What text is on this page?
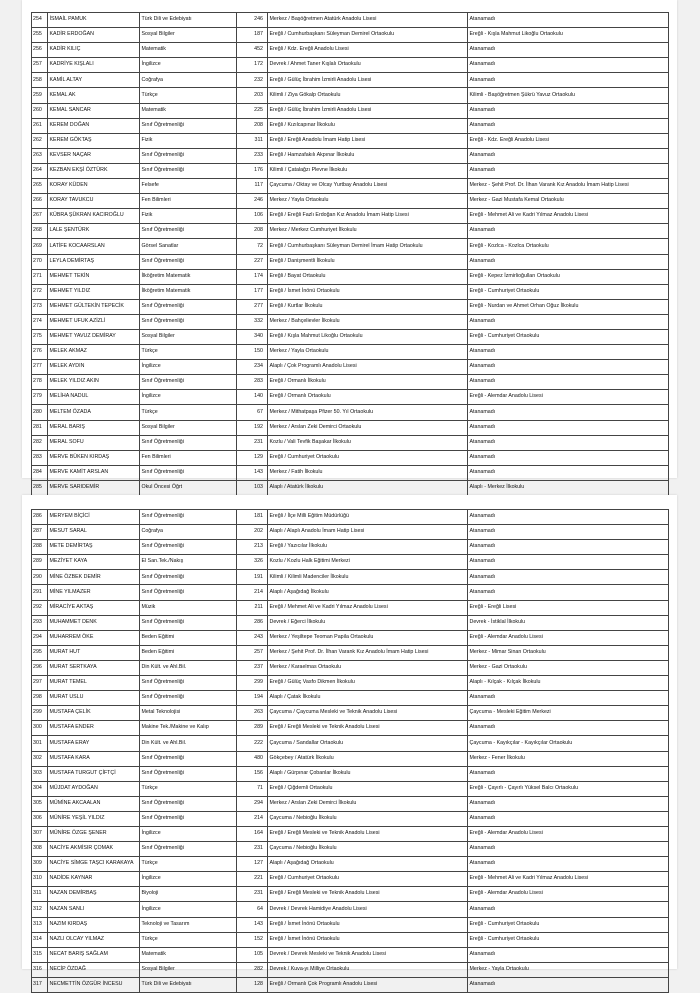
254	İSMAİL PAMUK	Türk Dili ve Edebiyatı	246	Merkez / Başöğretmen Atatürk Anadolu Lisesi	Atanamadı
255	KADİR ERDOĞAN	Sosyal Bilgiler	187	Ereğli / Cumhurbaşkanı Süleyman Demirel Ortaokulu	Ereğli - Kışla Mahmut Likoğlu Ortaokulu
256	KADİR KILIÇ	Matematik	452	Ereğli / Kdz. Ereğli Anadolu Lisesi	Atanamadı
257	KADRİYE KIŞLALI	İngilizce	172	Devrek / Ahmet Taner Kışlalı Ortaokulu	Atanamadı
258	KAMİL ALTAY	Coğrafya	232	Ereğli / Gülüç İbrahim İzmirli Anadolu Lisesi	Atanamadı
259	KEMAL AK	Türkçe	203	Kilimli / Ziya Gökalp Ortaokulu	Kilimli - Başöğretmen Şükrü Yavuz Ortaokulu
260	KEMAL SANCAR	Matematik	225	Ereğli / Gülüç İbrahim İzmirli Anadolu Lisesi	Atanamadı
261	KEREM DOĞAN	Sınıf Öğretmenliği	208	Ereğli / Kızılcapınar İlkokulu	Atanamadı
262	KEREM GÖKTAŞ	Fizik	311	Ereğli / Ereğli Anadolu İmam Hatip Lisesi	Ereğli - Kdz. Ereğli Anadolu Lisesi
263	KEVSER NAÇAR	Sınıf Öğretmenliği	233	Ereğli / Hamzafakılı Akpınar İlkokulu	Atanamadı
264	KEZBAN EKŞİ ÖZTÜRK	Sınıf Öğretmenliği	176	Kilimli / Çatalağzı Plevne İlkokulu	Atanamadı
265	KORAY KÜDEN	Felsefe	117	Çaycuma / Oktay ve Olcay Yurtbay Anadolu Lisesi	Merkez - Şehit Prof. Dr. İlhan Varank Kız Anadolu İmam Hatip Lisesi
266	KORAY TAVUKCU	Fen Bilimleri	246	Merkez / Yayla Ortaokulu	Merkez - Gazi Mustafa Kemal Ortaokulu
267	KÜBRA ŞÜKRAN KACIROĞLU	Fizik	106	Ereğli / Ereğli Fazlı Erdoğan Kız Anadolu İmam Hatip Lisesi	Ereğli - Mehmet Ali ve Kadri Yılmaz Anadolu Lisesi
268	LALE ŞENTÜRK	Sınıf Öğretmenliği	208	Merkez / Merkez Cumhuriyet İlkokulu	Atanamadı
269	LATİFE KOCAARSLAN	Görsel Sanatlar	72	Ereğli / Cumhurbaşkanı Süleyman Demirel İmam Hatip Ortaokulu	Ereğli - Kozlca - Kozlca Ortaokulu
270	LEYLA DEMİRTAŞ	Sınıf Öğretmenliği	227	Ereğli / Danişmentli İlkokulu	Atanamadı
271	MEHMET TEKİN	İlköğretim Matematik	174	Ereğli / Bayat Ortaokulu	Ereğli - Kepez İzmirlioğulları Ortaokulu
272	MEHMET YILDIZ	İlköğretim Matematik	177	Ereğli / İsmet İnönü Ortaokulu	Ereğli - Cumhuriyet Ortaokulu
273	MEHMET GÜLTEKİN TEPECİK	Sınıf Öğretmenliği	277	Ereğli / Kurtlar İlkokulu	Ereğli - Nurdan ve Ahmet Orhan Oğuz İlkokulu
274	MEHMET UFUK AZİZLİ	Sınıf Öğretmenliği	332	Merkez / Bahçelievler İlkokulu	Atanamadı
275	MEHMET YAVUZ DEMİRAY	Sosyal Bilgiler	340	Ereğli / Kışla Mahmut Likoğlu Ortaokulu	Ereğli - Cumhuriyet Ortaokulu
276	MELEK AKMAZ	Türkçe	150	Merkez / Yayla Ortaokulu	Atanamadı
277	MELEK AYDIN	İngilizce	234	Alaplı / Çok Programlı Anadolu Lisesi	Atanamadı
278	MELEK YILDIZ AKIN	Sınıf Öğretmenliği	283	Ereğli / Ormanlı İlkokulu	Atanamadı
279	MELİHA NADUL	İngilizce	140	Ereğli / Ormanlı Ortaokulu	Ereğli - Alemdar Anadolu Lisesi
280	MELTEM ÖZADA	Türkçe	67	Merkez / Mithatpaşa Pfizer 50. Yıl Ortaokulu	Atanamadı
281	MERAL BARIŞ	Sosyal Bilgiler	192	Merkez / Arslan Zeki Demirci Ortaokulu	Atanamadı
282	MERAL SOFU	Sınıf Öğretmenliği	231	Kozlu / Vali Tevfik Başakar İlkokulu	Atanamadı
283	MERVE BÜKEN KIRDAŞ	Fen Bilimleri	129	Ereğli / Cumhuriyet Ortaokulu	Atanamadı
284	MERVE KAMİT ARSLAN	Sınıf Öğretmenliği	143	Merkez / Fatih İlkokulu	Atanamadı
285	MERVE SARIDEMİR	Okul Öncesi Öğrt	103	Alaplı / Atatürk İlkokulu	Alaplı - Merkez İlkokulu
286	MERYEM BİÇİCİ	Sınıf Öğretmenliği	181	Ereğli / İlçe Milli Eğitim Müdürlüğü	Atanamadı
287	MESUT SARAL	Coğrafya	202	Alaplı / Alaplı Anadolu İmam Hatip Lisesi	Atanamadı
288	METE DEMİRTAŞ	Sınıf Öğretmenliği	213	Ereğli / Yazıcılar İlkokulu	Atanamadı
289	MEZİYET KAYA	El San.Tek./Nakış	326	Kozlu / Kozlu Halk Eğitimi Merkezi	Atanamadı
290	MİNE ÖZBEK DEMİR	Sınıf Öğretmenliği	191	Kilimli / Kilimli Madenciler İlkokulu	Atanamadı
291	MİNE YILMAZER	Sınıf Öğretmenliği	214	Alaplı / Aşağıdağ İlkokulu	Atanamadı
292	MİRACİYE AKTAŞ	Müzik	211	Ereğli / Mehmet Ali ve Kadri Yılmaz Anadolu Lisesi	Ereğli - Ereğli Lisesi
293	MUHAMMET DENK	Sınıf Öğretmenliği	286	Devrek / Eğerci İlkokulu	Devrek - İstiklal İlkokulu
294	MUHARREM ÖKE	Beden Eğitimi	243	Merkez / Yeşiltepe Teoman Papila Ortaokulu	Ereğli - Alemdar Anadolu Lisesi
295	MURAT HUT	Beden Eğitimi	257	Merkez / Şehit Prof. Dr. İlhan Varank Kız Anadolu İmam Hatip Lisesi	Merkez - Mimar Sinan Ortaokulu
296	MURAT SERTKAYA	Din Kült. ve Ahl.Bil.	237	Merkez / Karaelmas Ortaokulu	Merkez - Gazi Ortaokulu
297	MURAT TEMEL	Sınıf Öğretmenliği	299	Ereğli / Gülüç Vasfo Dikmen İlkokulu	Alaplı - Kılçak - Kılçak İlkokulu
298	MURAT USLU	Sınıf Öğretmenliği	194	Alaplı / Çatak İlkokulu	Atanamadı
299	MUSTAFA ÇELİK	Metal Teknolojisi	263	Çaycuma / Çaycuma Mesleki ve Teknik Anadolu Lisesi	Çaycuma - Mesleki Eğitim Merkezi
300	MUSTAFA ENDER	Makine Tek./Makine ve Kalıp	289	Ereğli / Ereğli Mesleki ve Teknik Anadolu Lisesi	Atanamadı
301	MUSTAFA ERAY	Din Kült. ve Ahl.Bil.	222	Çaycuma / Sandallar Ortaokulu	Çaycuma - Kayıkçılar - Kayıkçılar Ortaokulu
302	MUSTAFA KARA	Sınıf Öğretmenliği	480	Gökçebey / Atatürk İlkokulu	Merkez - Fener İlkokulu
303	MUSTAFA TURGUT ÇİFTÇİ	Sınıf Öğretmenliği	156	Alaplı / Gürpınar Çobanlar İlkokulu	Atanamadı
304	MÜJDAT AYDOĞAN	Türkçe	71	Ereğli / Çiğdemli Ortaokulu	Ereğli - Çayırlı - Çayırlı Yüksel Balcı Ortaokulu
305	MÜMİNE AKCAALAN	Sınıf Öğretmenliği	294	Merkez / Arslan Zeki Demirci İlkokulu	Atanamadı
306	MÜNİRE YEŞİL YILDIZ	Sınıf Öğretmenliği	214	Çaycuma / Nebioğlu İlkokulu	Atanamadı
307	MÜNİRE ÖZGE ŞENER	İngilizce	164	Ereğli / Ereğli Mesleki ve Teknik Anadolu Lisesi	Ereğli - Alemdar Anadolu Lisesi
308	NACİYE AKMİSIR ÇOMAK	Sınıf Öğretmenliği	231	Çaycuma / Nebioğlu İlkokulu	Atanamadı
309	NACİYE SİMGE TAŞCI KARAKAYA	Türkçe	127	Alaplı / Aşağıdağ Ortaokulu	Atanamadı
310	NADİDE KAYNAR	İngilizce	221	Ereğli / Cumhuriyet Ortaokulu	Ereğli - Mehmet Ali ve Kadri Yılmaz Anadolu Lisesi
311	NAZAN DEMİRBAŞ	Biyoloji	231	Ereğli / Ereğli Mesleki ve Teknik Anadolu Lisesi	Ereğli - Alemdar Anadolu Lisesi
312	NAZAN SANLI	İngilizce	64	Devrek / Devrek Hamidiye Anadolu Lisesi	Atanamadı
313	NAZIM KIRDAŞ	Teknoloji ve Tasarım	143	Ereğli / İsmet İnönü Ortaokulu	Ereğli - Cumhuriyet Ortaokulu
314	NAZLI OLCAY YILMAZ	Türkçe	152	Ereğli / İsmet İnönü Ortaokulu	Ereğli - Cumhuriyet Ortaokulu
315	NECAT BARIŞ SAĞLAM	Matematik	105	Devrek / Devrek Mesleki ve Teknik Anadolu Lisesi	Atanamadı
316	NECİP ÖZDAĞ	Sosyal Bilgiler	282	Devrek / Kuva-yı Milliye Ortaokulu	Merkez - Yayla Ortaokulu
317	NECMETTİN ÖZGÜR İNCESU	Türk Dili ve Edebiyatı	128	Ereğli / Ormanlı Çok Programlı Anadolu Lisesi	Atanamadı
